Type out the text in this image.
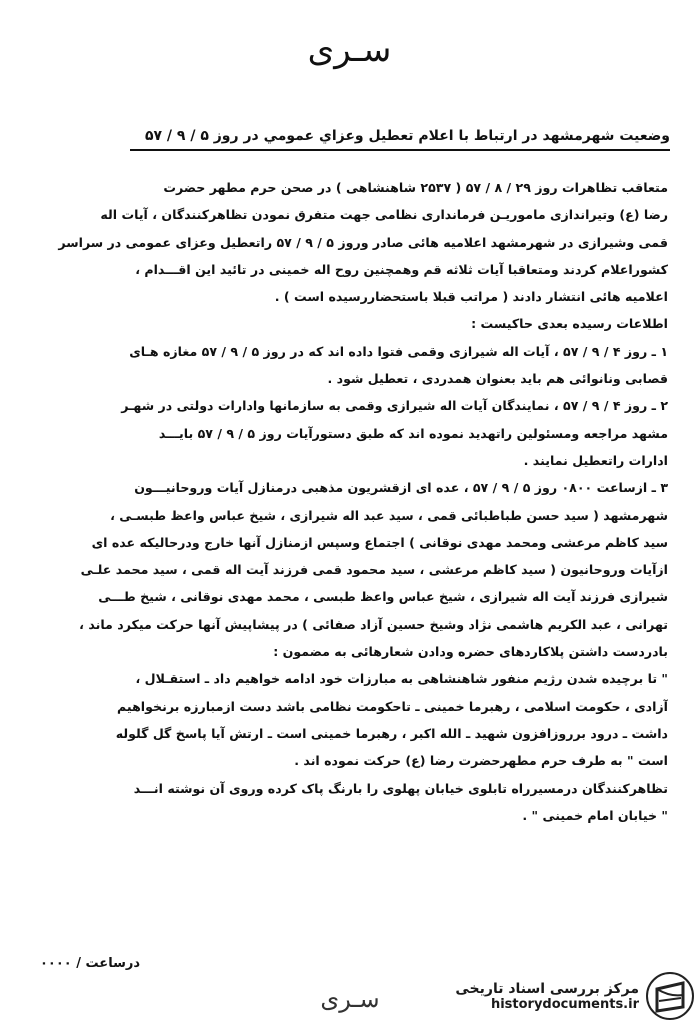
سـرى
وضعيت شهرمشهد در ارتباط با اعلام تعطيل وعزاي عمومي در روز ۵ / ۹ / ۵۷
متعاقب تظاهرات روز ۲۹ / ۸ / ۵۷ ( ۲۵۳۷ شاهنشاهی ) در صحن حرم مطهر حضرت
رضا (ع) وتیراندازی ماموریـن فرمانداری نظامی جهت متفرق نمودن تظاهرکنندگان ، آیات اله
قمی وشیرازی در شهرمشهد اعلامیه هائی صادر وروز ۵ / ۹ / ۵۷ راتعطیل وعزای عمومی در سراسر
کشوراعلام کردند ومتعاقبا آیات ثلاثه قم وهمچنین روح اله خمینی در تائید این اقـــدام ،
اعلامیه هائی انتشار دادند ( مراتب قبلا باستحضاررسیده است ) .
اطلاعات رسیده بعدی حاکیست :
۱ ـ روز ۴ / ۹ / ۵۷ ، آیات اله شیرازی وقمی فتوا داده اند که در روز ۵ / ۹ / ۵۷ مغازه هـای
قصابی ونانوائی هم باید بعنوان همدردی ، تعطیل شود .
۲ ـ روز ۴ / ۹ / ۵۷ ، نمایندگان آیات اله شیرازی وقمی به سازمانها وادارات دولتی در شهـر
مشهد مراجعه ومسئولین راتهدید نموده اند که طبق دستورآیات روز ۵ / ۹ / ۵۷ بایـــد
ادارات راتعطیل نمایند .
۳ ـ ازساعت ۰۸۰۰ روز ۵ / ۹ / ۵۷ ، عده ای ازقشریون مذهبی درمنازل آیات وروحانیـــون
شهرمشهد ( سید حسن طباطبائی قمی ، سید عبد اله شیرازی ، شیخ عباس واعظ طبسـی ،
سید کاظم مرعشی ومحمد مهدی نوقانی ) اجتماع وسپس ازمنازل آنها خارج ودرحالیکه عده ای
ازآیات وروحانیون ( سید کاظم مرعشی ، سید محمود قمی فرزند آیت اله قمی ، سید محمد علـی
شیرازی فرزند آیت اله شیرازی ، شیخ عباس واعظ طبسی ، محمد مهدی نوقانی ، شیخ طـــی
تهرانی ، عبد الکریم هاشمی نژاد وشیخ حسین آزاد صفائی ) در پیشاپیش آنها حرکت میکرد ماند ،
بادردست داشتن پلاکاردهای حضره ودادن شعارهائی به مضمون :
" تا برچیده شدن رژیم منفور شاهنشاهی به مبارزات خود ادامه خواهیم داد ـ استقـلال ،
آزادی ، حکومت اسلامی ، رهبرما خمینی ـ تاحکومت نظامی باشد دست ازمبارزه برنخواهیم
داشت ـ درود برروزافزون شهید ـ الله اکبر ، رهبرما خمینی است ـ ارتش آیا پاسخ گل گلوله
است " به طرف حرم مطهرحضرت رضا (ع) حرکت نموده اند .
تظاهرکنندگان درمسیرراه تابلوی خیابان پهلوی را بارنگ پاک کرده وروی آن نوشته انـــد
" خیابان امام خمینی " .
درساعت / ۰۰۰۰
سـرى	مرکز بررسی اسناد تاریخی
historydocuments.ir
